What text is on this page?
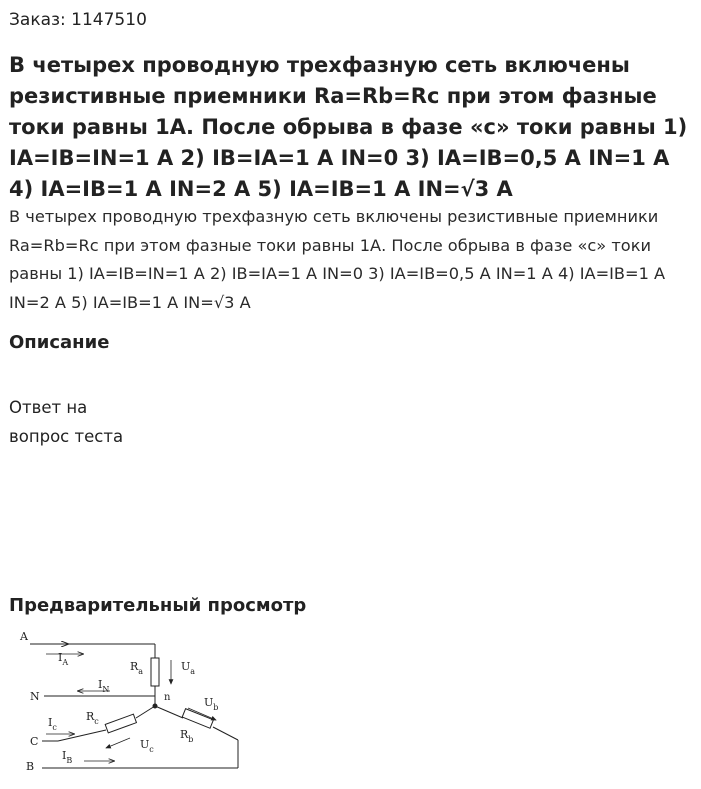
Заказ: 1147510
В четырех проводную трехфазную сеть включены резистивные приемники Ra=Rb=Rc при этом фазные токи равны 1А. После обрыва в фазе «с» токи равны 1) IA=IB=IN=1 А 2) IB=IA=1 А IN=0 3) IA=IB=0,5 А IN=1 А 4) IA=IB=1 А IN=2 А 5) IA=IB=1 А IN=√3 А

В четырех проводную трехфазную сеть включены резистивные приемники Ra=Rb=Rc при этом фазные токи равны 1А. После обрыва в фазе «с» токи равны 1) IA=IB=IN=1 А 2) IB=IA=1 А IN=0 3) IA=IB=0,5 А IN=1 А 4) IA=IB=1 А IN=2 А 5) IA=IB=1 А IN=√3 А

Описание
Ответ на
вопрос теста
Предварительный просмотр
A
$I_A$	$R_a$	$U_a$
n
N
$I_N$
$R_b$
$U_b$
$R_c$
$U_c$
C
$I_c$
B
$I_B$
